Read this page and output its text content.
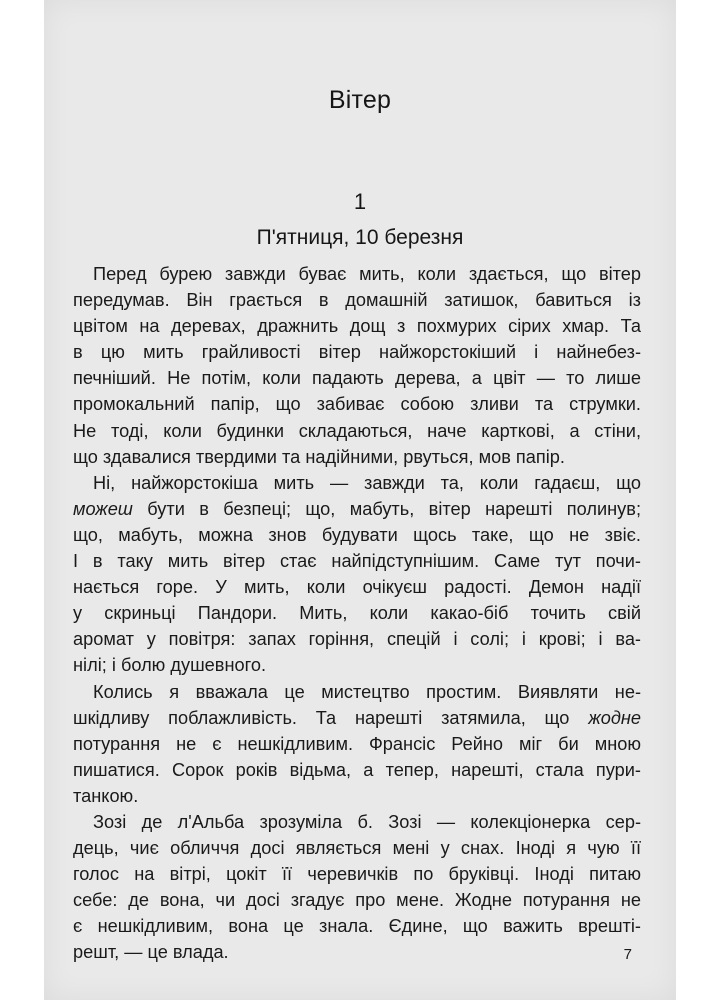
Вітер
1
П'ятниця, 10 березня
Перед бурею завжди буває мить, коли здається, що вітер
передумав. Він грається в домашній затишок, бавиться із
цвітом на деревах, дражнить дощ з похмурих сірих хмар. Та
в цю мить грайливості вітер найжорстокіший і найнебез-
печніший. Не потім, коли падають дерева, а цвіт — то лише
промокальний папір, що забиває собою зливи та струмки.
Не тоді, коли будинки складаються, наче карткові, а стіни,
що здавалися твердими та надійними, рвуться, мов папір.
Ні, найжорстокіша мить — завжди та, коли гадаєш, що
можеш бути в безпеці; що, мабуть, вітер нарешті полинув;
що, мабуть, можна знов будувати щось таке, що не звіє.
І в таку мить вітер стає найпідступнішим. Саме тут почи-
нається горе. У мить, коли очікуєш радості. Демон надії
у скриньці Пандори. Мить, коли какао-біб точить свій
аромат у повітря: запах горіння, спецій і солі; і крові; і ва-
нілі; і болю душевного.
Колись я вважала це мистецтво простим. Виявляти не-
шкідливу поблажливість. Та нарешті затямила, що жодне
потурання не є нешкідливим. Франсіс Рейно міг би мною
пишатися. Сорок років відьма, а тепер, нарешті, стала пури-
танкою.
Зозі де л'Альба зрозуміла б. Зозі — колекціонерка сер-
дець, чиє обличчя досі являється мені у снах. Іноді я чую її
голос на вітрі, цокіт її черевичків по бруківці. Іноді питаю
себе: де вона, чи досі згадує про мене. Жодне потурання не
є нешкідливим, вона це знала. Єдине, що важить врешті-
решт, — це влада.	7
